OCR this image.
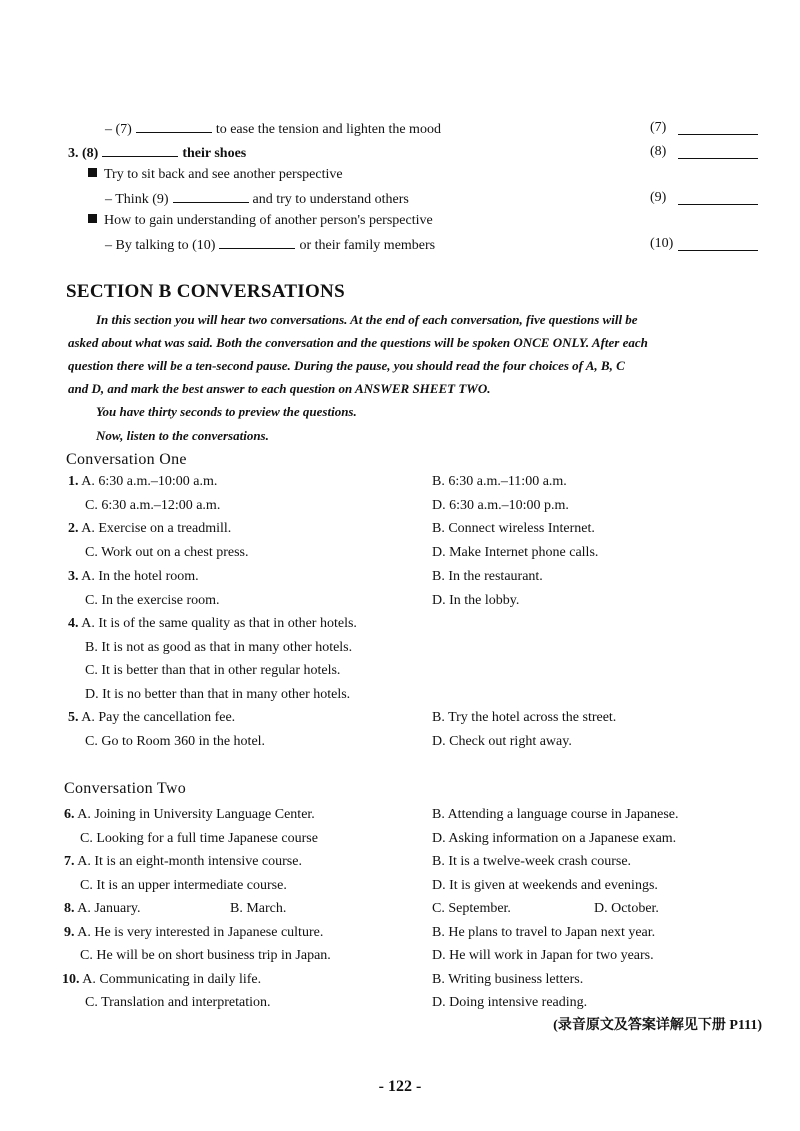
– (7)	to ease the tension and lighten the mood	(7)
3. (8)	their shoes	(8)
Try to sit back and see another perspective
– Think (9)	and try to understand others	(9)
How to gain understanding of another person's perspective
– By talking to (10)	or their family members	(10)
SECTION B CONVERSATIONS
In this section you will hear two conversations. At the end of each conversation, five questions will be
asked about what was said. Both the conversation and the questions will be spoken ONCE ONLY. After each
question there will be a ten-second pause. During the pause, you should read the four choices of A, B, C
and D, and mark the best answer to each question on ANSWER SHEET TWO.
You have thirty seconds to preview the questions.
Now, listen to the conversations.
Conversation One
1. A. 6:30 a.m.–10:00 a.m.	B. 6:30 a.m.–11:00 a.m.
C. 6:30 a.m.–12:00 a.m.	D. 6:30 a.m.–10:00 p.m.
2. A. Exercise on a treadmill.	B. Connect wireless Internet.
C. Work out on a chest press.	D. Make Internet phone calls.
3. A. In the hotel room.	B. In the restaurant.
C. In the exercise room.	D. In the lobby.
4. A. It is of the same quality as that in other hotels.
B. It is not as good as that in many other hotels.
C. It is better than that in other regular hotels.
D. It is no better than that in many other hotels.
5. A. Pay the cancellation fee.	B. Try the hotel across the street.
C. Go to Room 360 in the hotel.	D. Check out right away.
Conversation Two
6. A. Joining in University Language Center.	B. Attending a language course in Japanese.
C. Looking for a full time Japanese course	D. Asking information on a Japanese exam.
7. A. It is an eight-month intensive course.	B. It is a twelve-week crash course.
C. It is an upper intermediate course.	D. It is given at weekends and evenings.
8. A. January.	B. March.	C. September.	D. October.
9. A. He is very interested in Japanese culture.	B. He plans to travel to Japan next year.
C. He will be on short business trip in Japan.	D. He will work in Japan for two years.
10. A. Communicating in daily life.	B. Writing business letters.
C. Translation and interpretation.	D. Doing intensive reading.
(录音原文及答案详解见下册 P111)
- 122 -
